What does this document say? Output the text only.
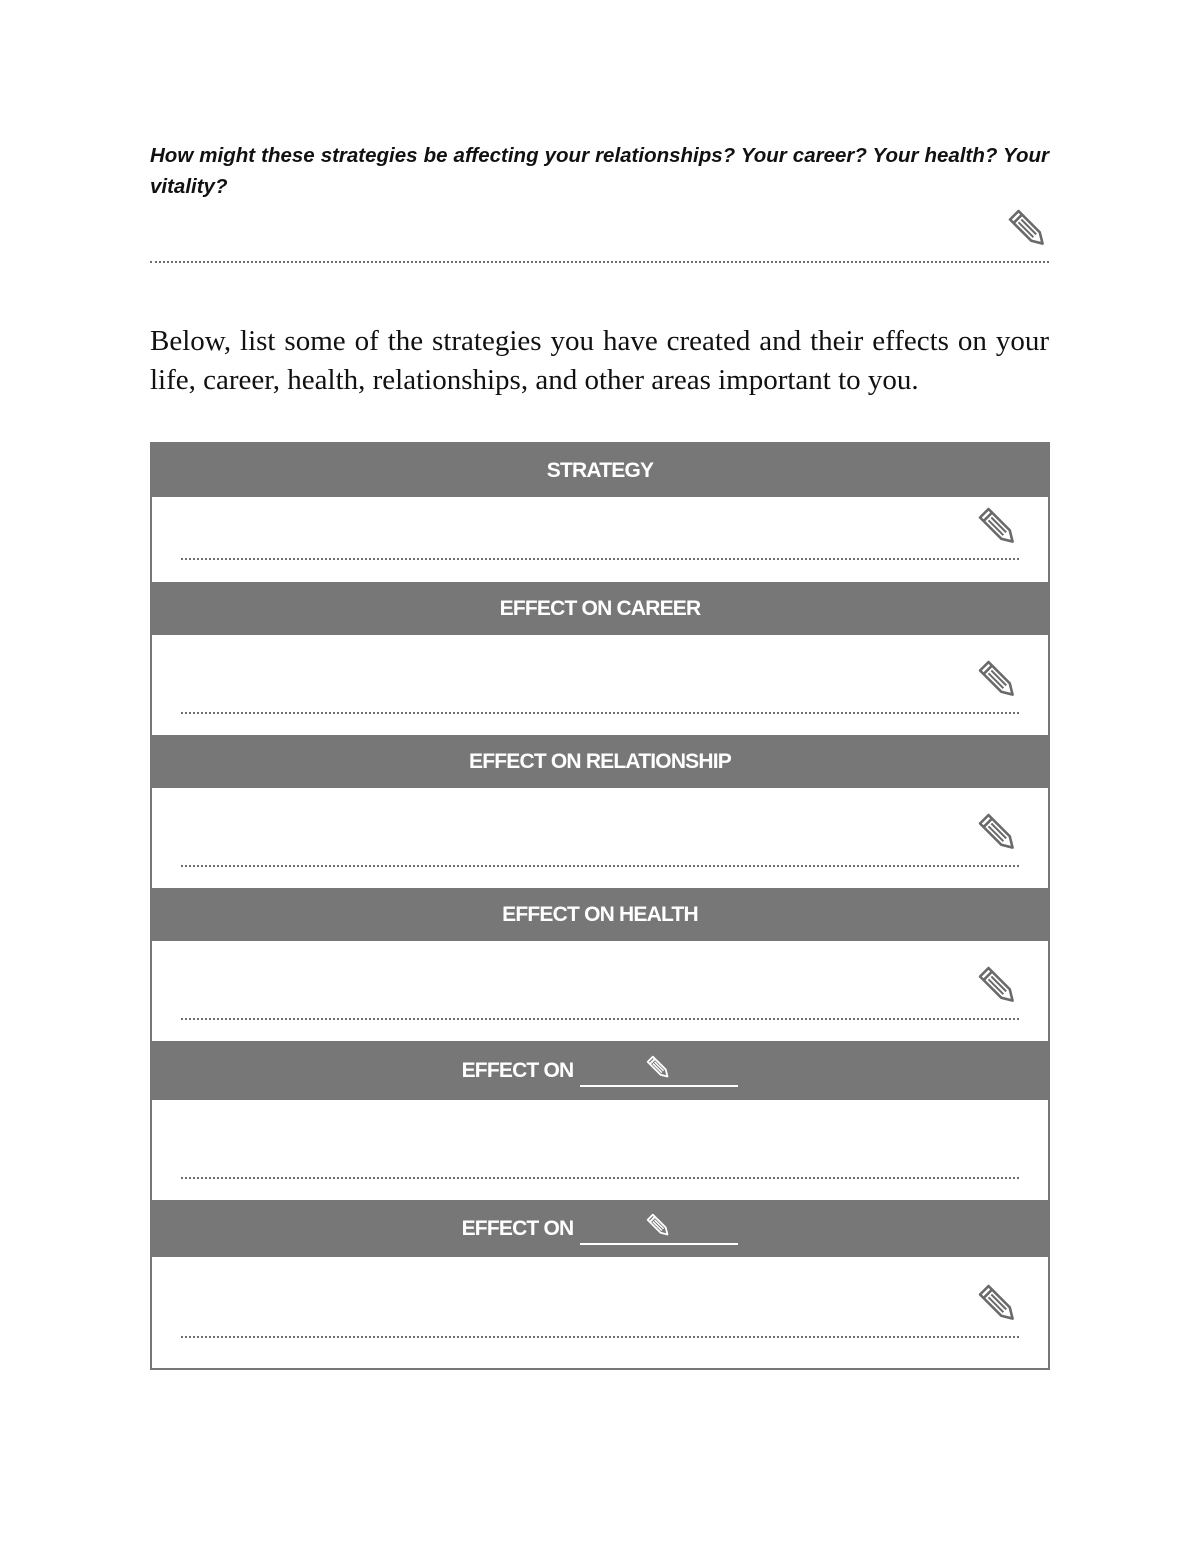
How might these strategies be affecting your relationships? Your career? Your health? Your vitality?

Below, list some of the strategies you have created and their effects on your life, career, health, relationships, and other areas important to you.

STRATEGY
EFFECT ON CAREER
EFFECT ON RELATIONSHIP
EFFECT ON HEALTH
EFFECT ON
EFFECT ON
